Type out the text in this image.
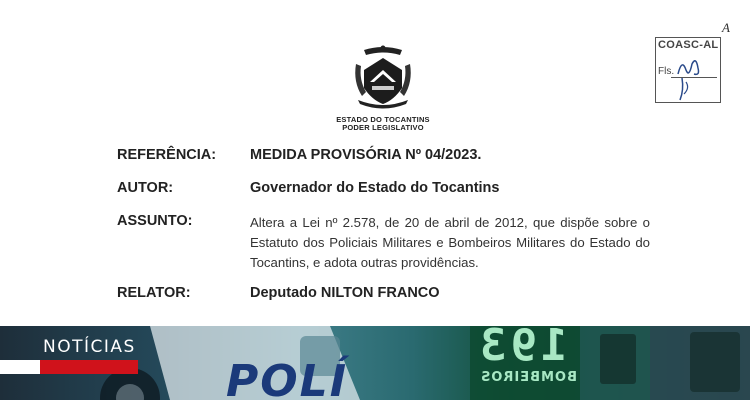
ESTADO DO TOCANTINS
PODER LEGISLATIVO
COASC-AL
Fls.
A
REFERÊNCIA: MEDIDA PROVISÓRIA Nº 04/2023.
AUTOR:	Governador do Estado do Tocantins
ASSUNTO:	Altera a Lei nº 2.578, de 20 de abril de 2012, que dispõe sobre o Estatuto dos Policiais Militares e Bombeiros Militares do Estado do Tocantins, e adota outras providências.
RELATOR:	Deputado NILTON FRANCO
POLÍ
193
BOMBEIROS
NOTÍCIAS
